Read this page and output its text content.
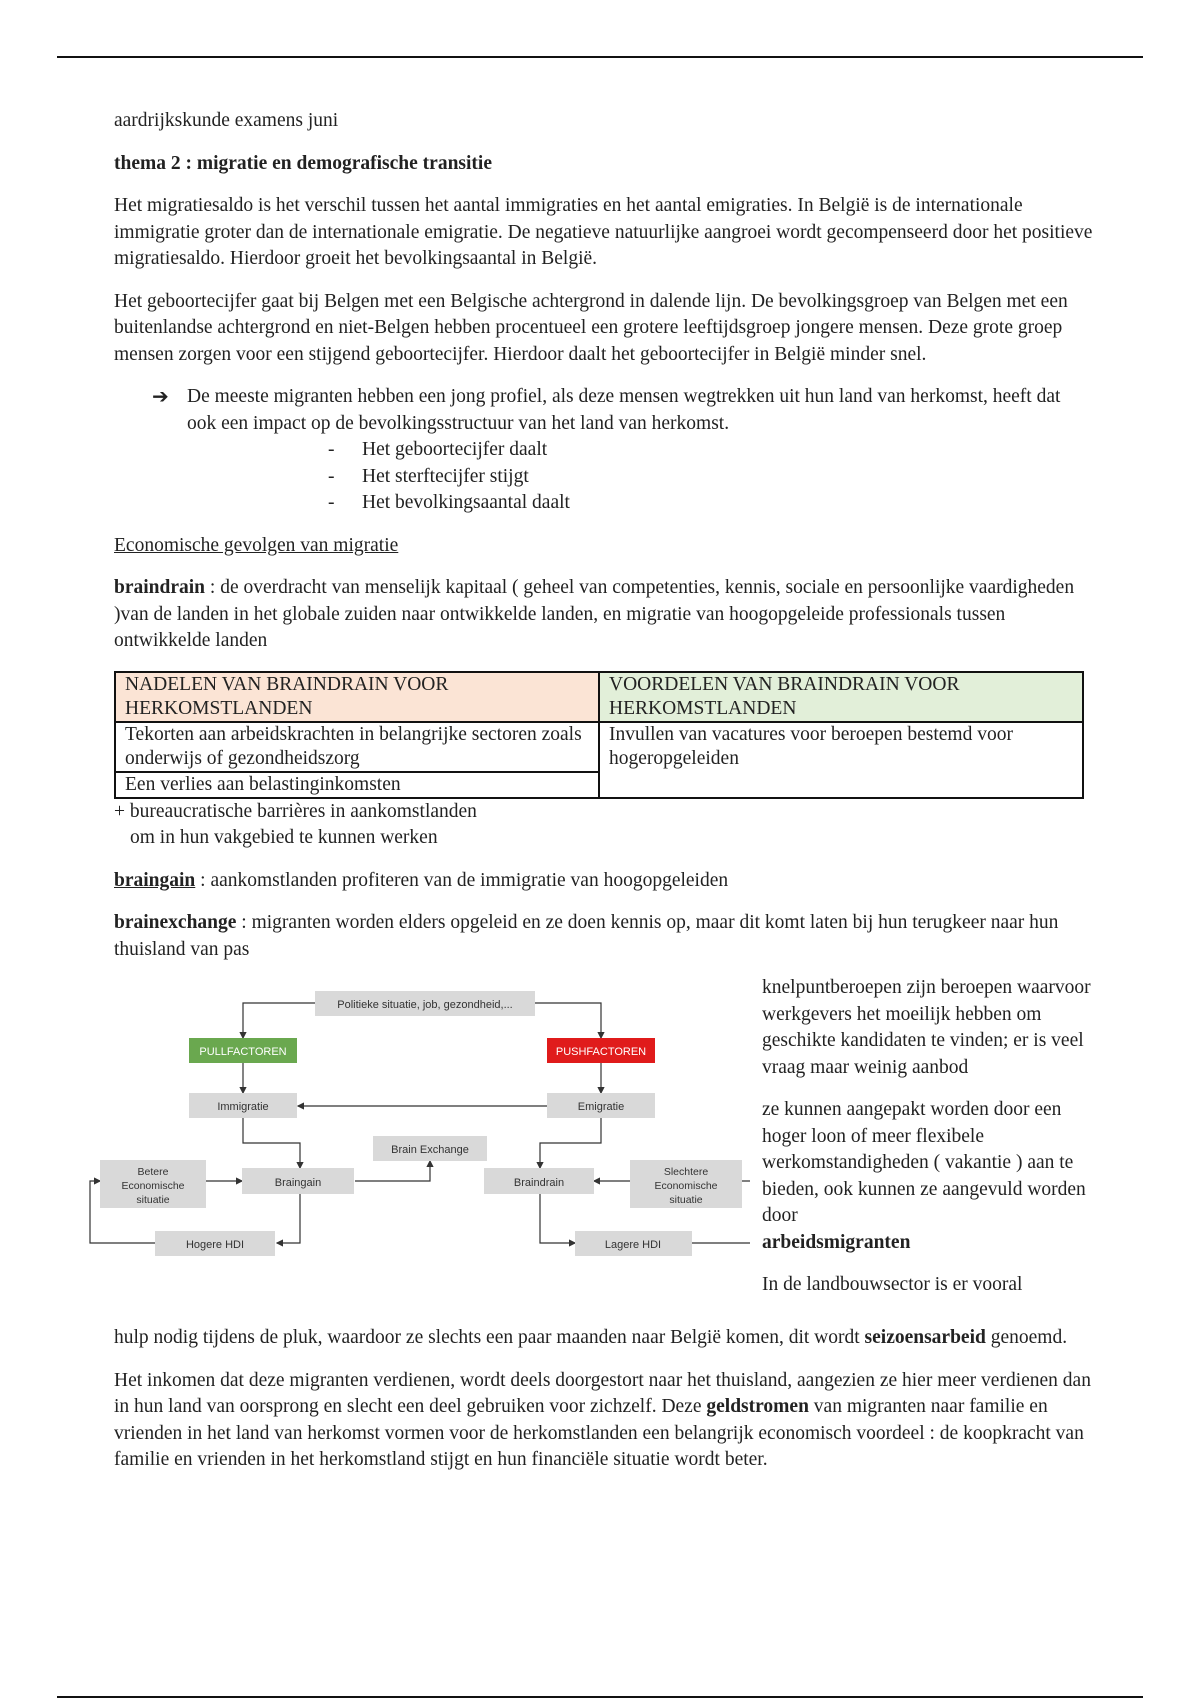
aardrijkskunde examens juni

thema 2 : migratie en demografische transitie

Het migratiesaldo is het verschil tussen het aantal immigraties en het aantal emigraties. In België is de internationale immigratie groter dan de internationale emigratie. De negatieve natuurlijke aangroei wordt gecompenseerd door het positieve migratiesaldo. Hierdoor groeit het bevolkingsaantal in België.

Het geboortecijfer gaat bij Belgen met een Belgische achtergrond in dalende lijn. De bevolkingsgroep van Belgen met een buitenlandse achtergrond en niet-Belgen hebben procentueel een grotere leeftijdsgroep jongere mensen. Deze grote groep mensen zorgen voor een stijgend geboortecijfer. Hierdoor daalt het geboortecijfer in België minder snel.

➔ De meeste migranten hebben een jong profiel, als deze mensen wegtrekken uit hun land van herkomst, heeft dat ook een impact op de bevolkingsstructuur van het land van herkomst.
- Het geboortecijfer daalt
- Het sterftecijfer stijgt
- Het bevolkingsaantal daalt

Economische gevolgen van migratie

braindrain : de overdracht van menselijk kapitaal ( geheel van competenties, kennis, sociale en persoonlijke vaardigheden )van de landen in het globale zuiden naar ontwikkelde landen, en migratie van hoogopgeleide professionals tussen ontwikkelde landen

NADELEN VAN BRAINDRAIN VOOR HERKOMSTLANDEN	VOORDELEN VAN BRAINDRAIN VOOR HERKOMSTLANDEN
Tekorten aan arbeidskrachten in belangrijke sectoren zoals onderwijs of gezondheidszorg	Invullen van vacatures voor beroepen bestemd voor hogeropgeleiden
Een verlies aan belastinginkomsten	
+ bureaucratische barrières in aankomstlanden
om in hun vakgebied te kunnen werken

braingain : aankomstlanden profiteren van de immigratie van hoogopgeleiden

brainexchange : migranten worden elders opgeleid en ze doen kennis op, maar dit komt laten bij hun terugkeer naar hun thuisland van pas

Politieke situatie, job, gezondheid,...
PULLFACTOREN	PUSHFACTOREN
Immigratie	Emigratie
Brain Exchange
Betere
Economische
situatie
Braingain	Braindrain
Slechtere
Economische
situatie
Hogere HDI	Lagere HDI

knelpuntberoepen zijn beroepen waarvoor werkgevers het moeilijk hebben om geschikte kandidaten te vinden; er is veel vraag maar weinig aanbod

ze kunnen aangepakt worden door een hoger loon of meer flexibele werkomstandigheden ( vakantie ) aan te bieden, ook kunnen ze aangevuld worden door
arbeidsmigranten

In de landbouwsector is er vooral

hulp nodig tijdens de pluk, waardoor ze slechts een paar maanden naar België komen, dit wordt seizoensarbeid genoemd.

Het inkomen dat deze migranten verdienen, wordt deels doorgestort naar het thuisland, aangezien ze hier meer verdienen dan in hun land van oorsprong en slecht een deel gebruiken voor zichzelf. Deze geldstromen van migranten naar familie en vrienden in het land van herkomst vormen voor de herkomstlanden een belangrijk economisch voordeel : de koopkracht van familie en vrienden in het herkomstland stijgt en hun financiële situatie wordt beter.
